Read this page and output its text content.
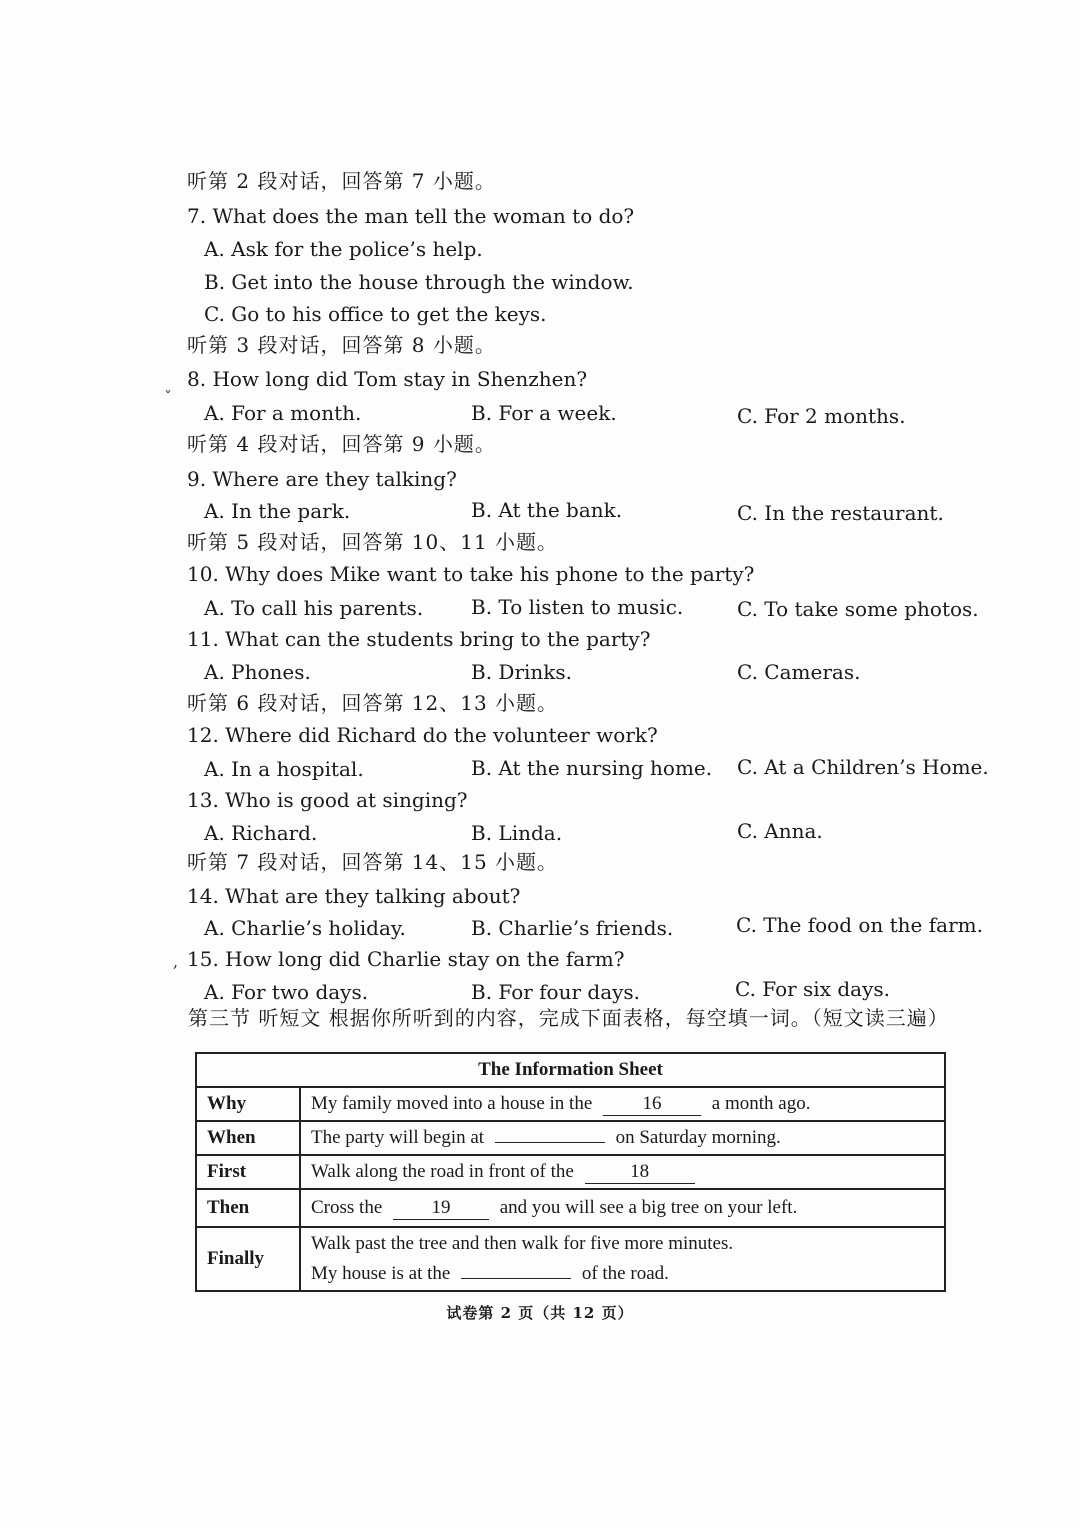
听第 2 段对话，回答第 7 小题。
7. What does the man tell the woman to do?
A. Ask for the police’s help.
B. Get into the house through the window.
C. Go to his office to get the keys.
听第 3 段对话，回答第 8 小题。
8. How long did Tom stay in Shenzhen?
ˇ
A. For a month.	B. For a week.	C. For 2 months.
听第 4 段对话，回答第 9 小题。
9. Where are they talking?
A. In the park.	B. At the bank.	C. In the restaurant.
听第 5 段对话，回答第 10、11 小题。
10. Why does Mike want to take his phone to the party?
A. To call his parents. B. To listen to music.	C. To take some photos.
11. What can the students bring to the party?
A. Phones.	B. Drinks.	C. Cameras.
听第 6 段对话，回答第 12、13 小题。
12. Where did Richard do the volunteer work?
A. In a hospital.	B. At the nursing home. C. At a Children’s Home.
13. Who is good at singing?
A. Richard.	B. Linda.	C. Anna.
听第 7 段对话，回答第 14、15 小题。
14. What are they talking about?
A. Charlie’s holiday.	B. Charlie’s friends.	C. The food on the farm.
, 15. How long did Charlie stay on the farm?
A. For two days.	B. For four days.	C. For six days.
第三节 听短文 根据你所听到的内容，完成下面表格，每空填一词。（短文读三遍）
The Information Sheet	
Why	My family moved into a house in the 16 a month ago.
When	The party will begin at on Saturday morning.
First	Walk along the road in front of the 18
Then	Cross the 19 and you will see a big tree on your left.
Finally	Walk past the tree and then walk for five more minutes.
My house is at the of the road.
试卷第 2 页（共 12 页）
